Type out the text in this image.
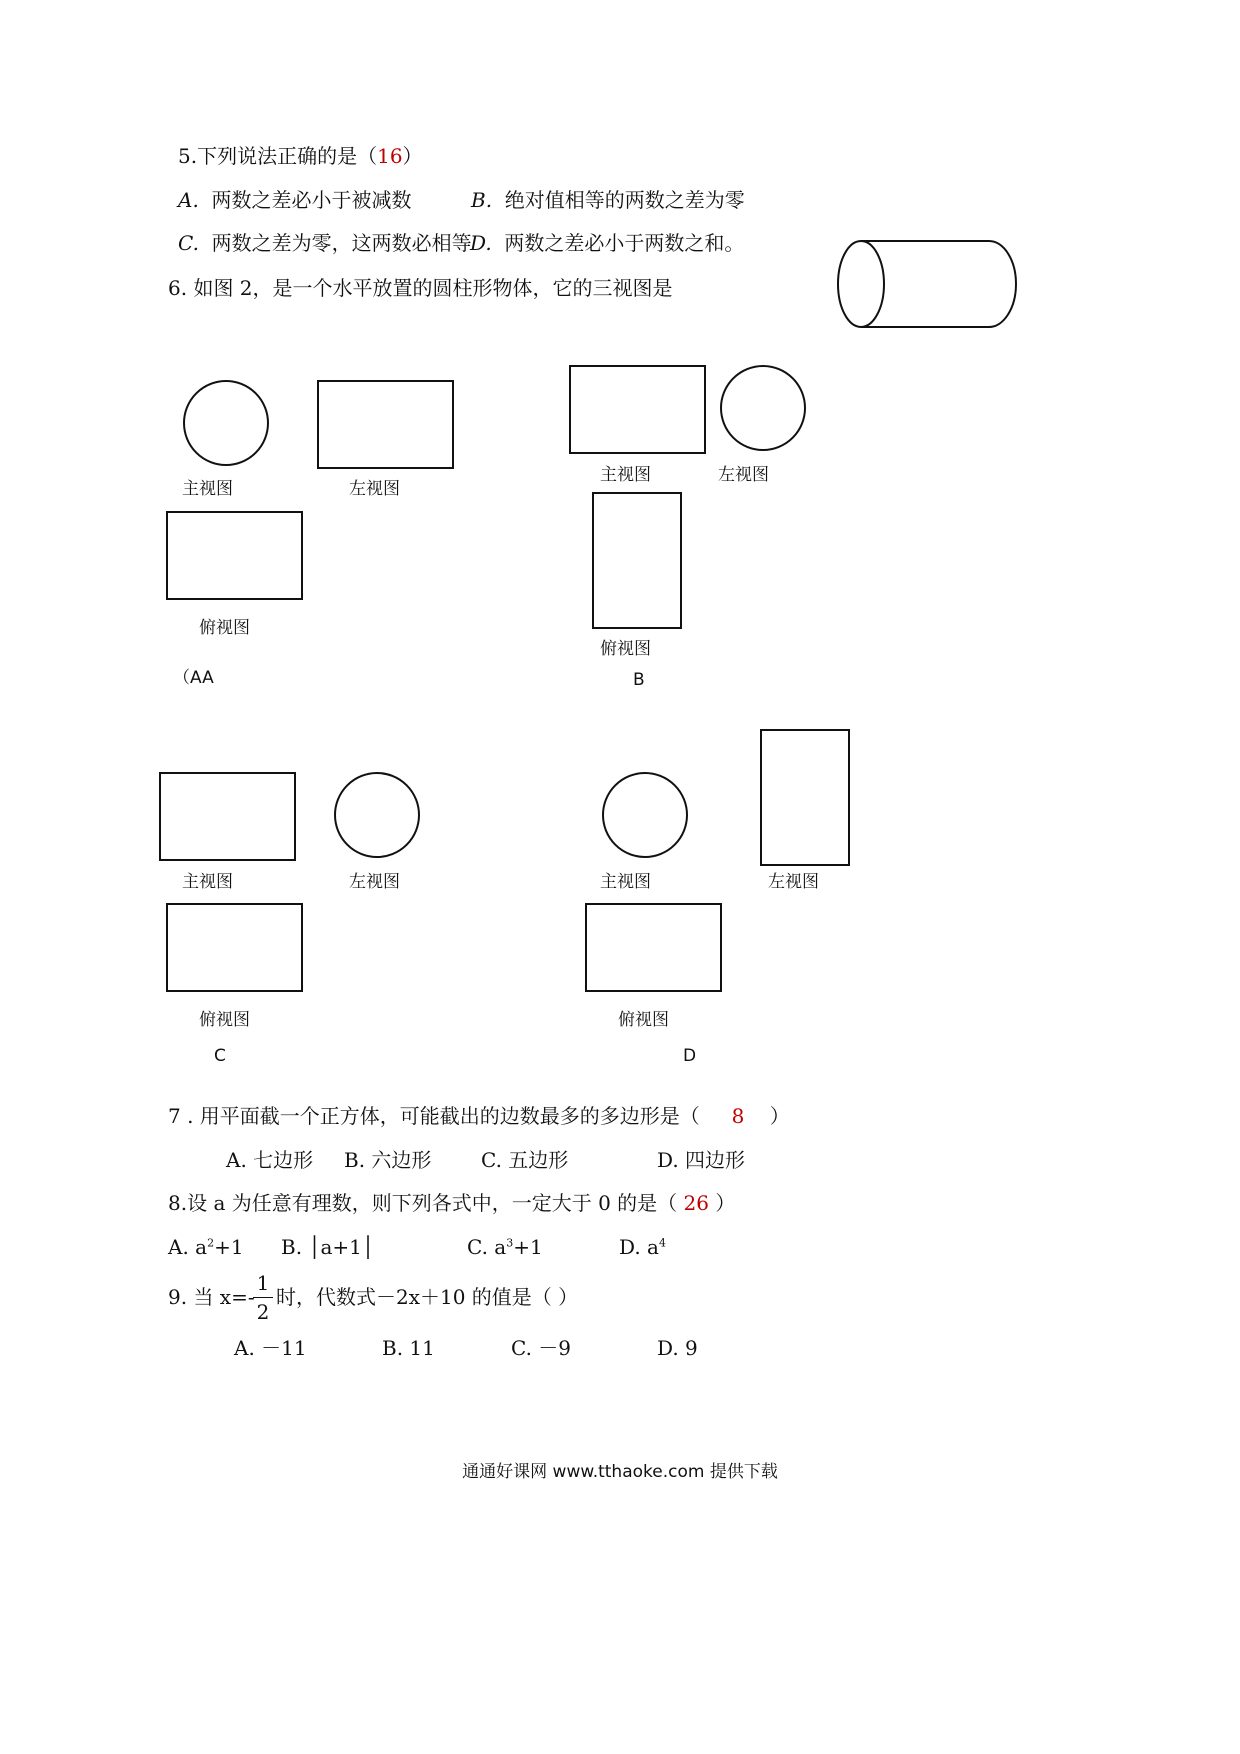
5.下列说法正确的是（16）
A. 两数之差必小于被减数	B. 绝对值相等的两数之差为零
C. 两数之差为零，这两数必相等
D. 两数之差必小于两数之和。
6. 如图 2，是一个水平放置的圆柱形物体，它的三视图是
主视图	左视图
俯视图
（AA
主视图	左视图
俯视图
B
主视图	左视图
俯视图
C
主视图	左视图
俯视图
D
7 . 用平面截一个正方体，可能截出的边数最多的多边形是（ 8 ）
A. 七边形 B. 六边形 C. 五边形	D. 四边形
8.设 a 为任意有理数，则下列各式中，一定大于 0 的是（ 26 ）
A. $a^2+1$ B. │a+1│	C. $a^3+1$	D. $a^4$
9. 当 x=-
1
2
时，代数式－2x＋10 的值是（ ）
A. －11	B. 11	C. －9	D. 9
通通好课网 www.tthaoke.com 提供下载
